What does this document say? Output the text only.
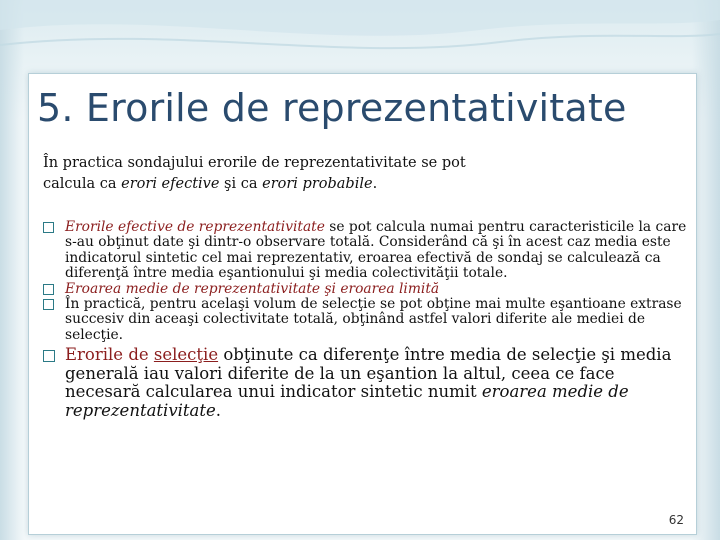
5. Erorile de reprezentativitate
În practica sondajului erorile de reprezentativitate se pot
calcula ca erori efective şi ca erori probabile.
Erorile efective de reprezentativitate se pot calcula numai pentru caracteristicile la care s-au obţinut date şi dintr-o observare totală. Considerând că şi în acest caz media este indicatorul sintetic cel mai reprezentativ, eroarea efectivă de sondaj se calculează ca diferenţă între media eşantionului şi media colectivităţii totale.
Eroarea medie de reprezentativitate şi eroarea limită
În practică, pentru acelaşi volum de selecţie se pot obţine mai multe eşantioane extrase succesiv din aceaşi colectivitate totală, obţinând astfel valori diferite ale mediei de selecţie.
Erorile de selecţie obţinute ca diferenţe între media de selecţie şi media generală iau valori diferite de la un eşantion la altul, ceea ce face necesară calcularea unui indicator sintetic numit eroarea medie de reprezentativitate.
62
